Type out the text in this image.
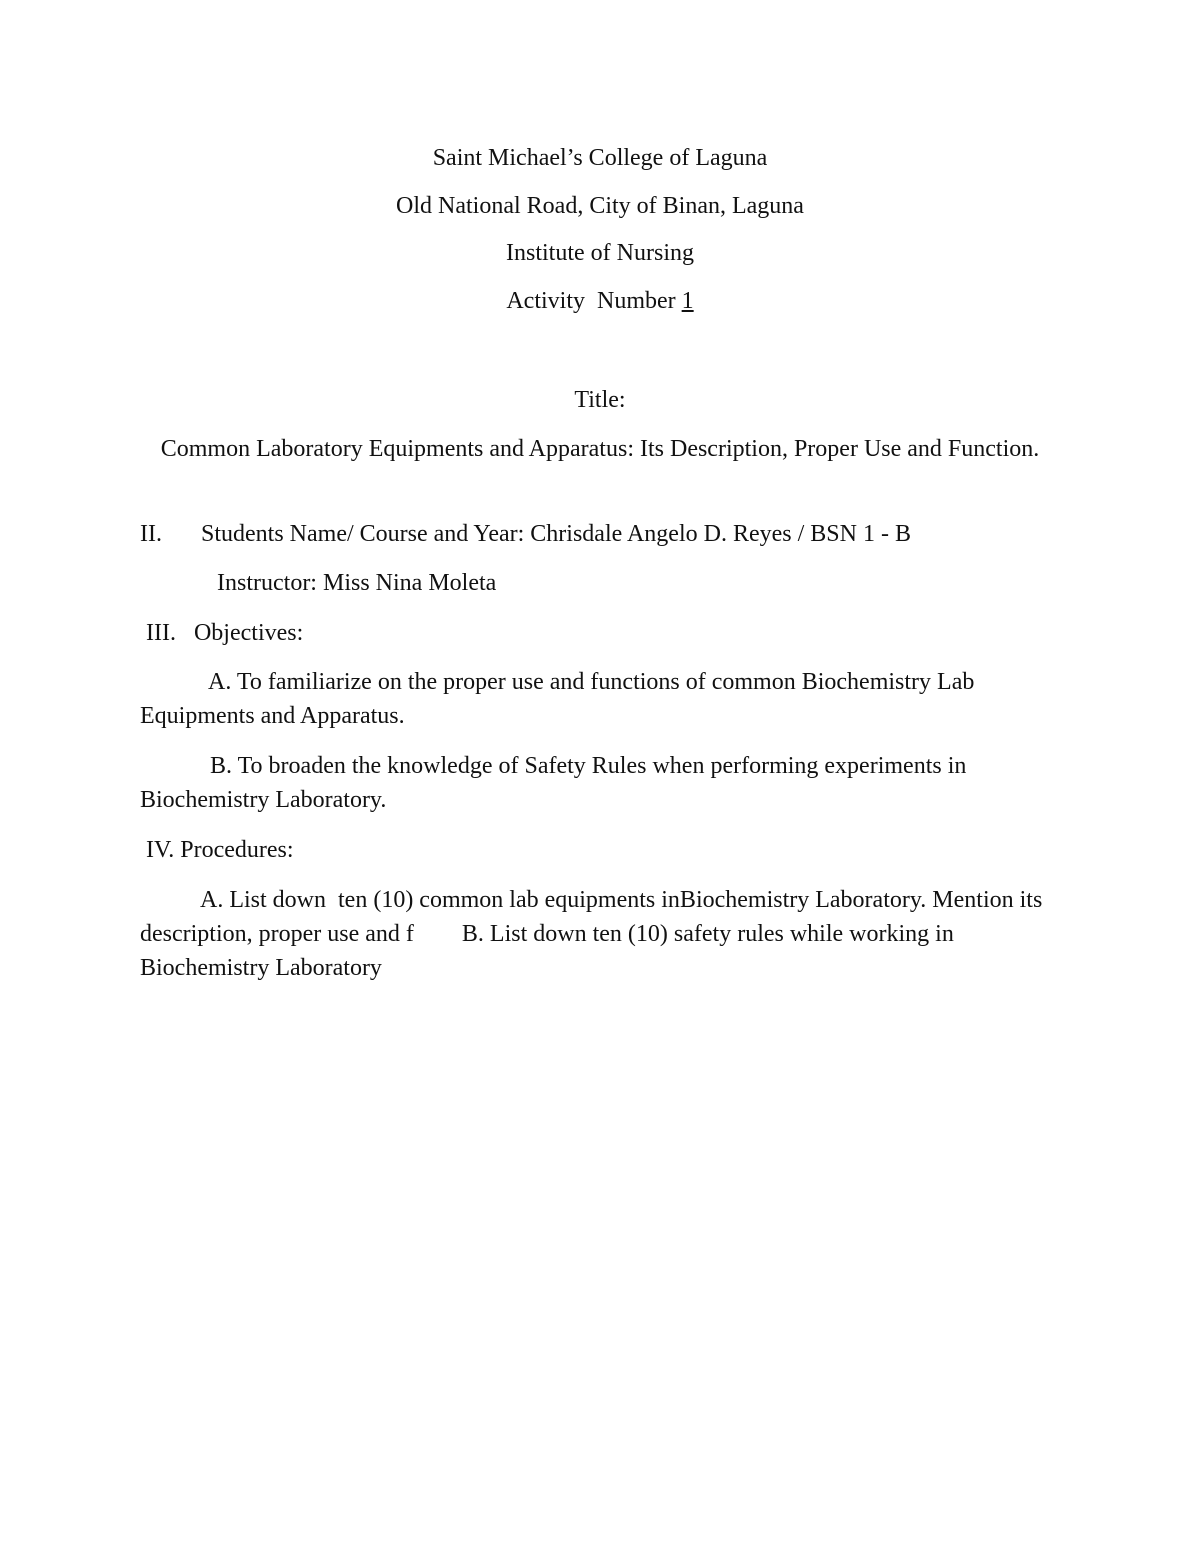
Saint Michael’s College of Laguna
Old National Road, City of Binan, Laguna
Institute of Nursing
Activity  Number 1
Title:
Common Laboratory Equipments and Apparatus: Its Description, Proper Use and Function.
II. Students Name/ Course and Year: Chrisdale Angelo D. Reyes / BSN 1 - B
Instructor: Miss Nina Moleta
III.   Objectives:
A. To familiarize on the proper use and functions of common Biochemistry Lab Equipments and Apparatus.
B. To broaden the knowledge of Safety Rules when performing experiments in Biochemistry Laboratory.
IV. Procedures:
A. List down  ten (10) common lab equipments inBiochemistry Laboratory. Mention its description, proper use and f        B. List down ten (10) safety rules while working in Biochemistry Laboratory
